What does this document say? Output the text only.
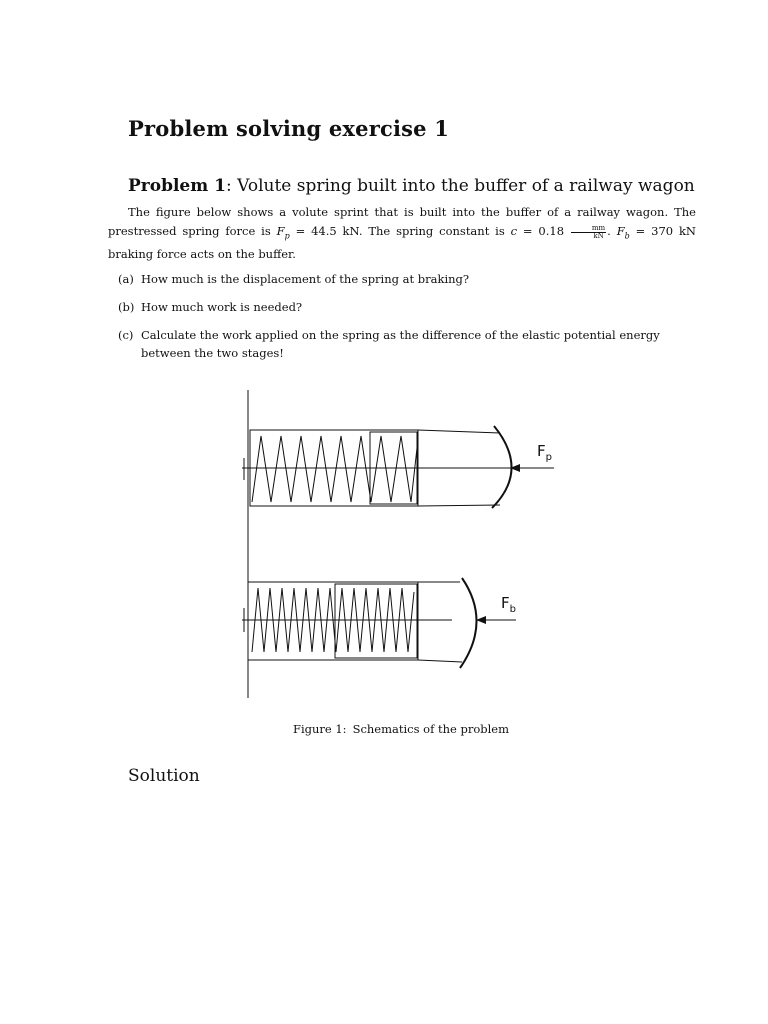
Problem solving exercise 1
Problem 1: Volute spring built into the buffer of a railway wagon
The figure below shows a volute sprint that is built into the buffer of a railway wagon. The prestressed spring force is $F_p = 44.5$ kN. The spring constant is $c = 0.18 \frac{mm}{kN}$ . $F_b = 370$ kN braking force acts on the buffer.
(a) How much is the displacement of the spring at braking?
(b) How much work is needed?
(c) Calculate the work applied on the spring as the difference of the elastic potential energy between the two stages!
$F_p$
$F_b$
Figure 1: Schematics of the problem
Solution
